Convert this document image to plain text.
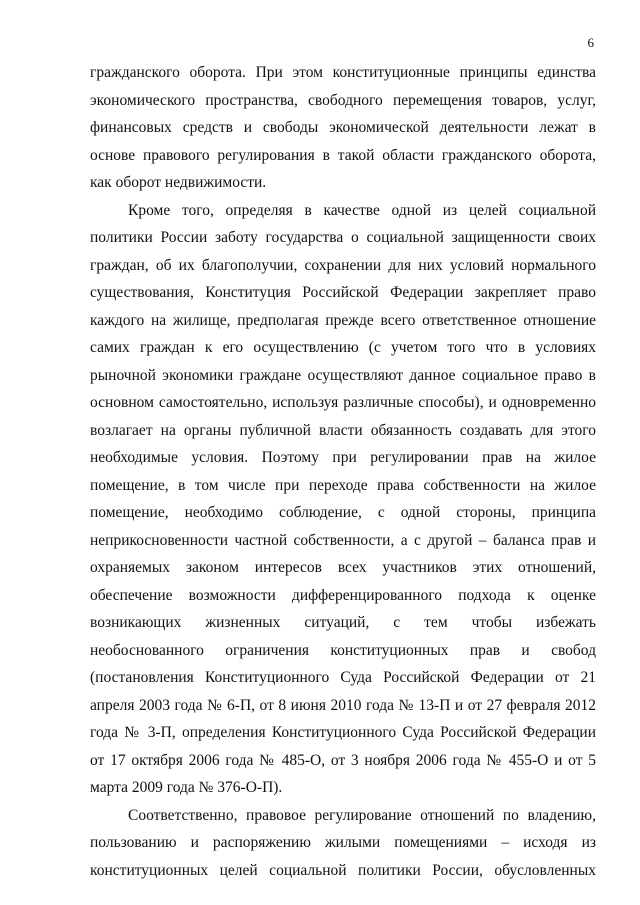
6
гражданского оборота. При этом конституционные принципы единства
экономического пространства, свободного перемещения товаров, услуг,
финансовых средств и свободы экономической деятельности лежат в
основе правового регулирования в такой области гражданского оборота,
как оборот недвижимости.
Кроме того, определяя в качестве одной из целей социальной
политики России заботу государства о социальной защищенности своих
граждан, об их благополучии, сохранении для них условий нормального
существования, Конституция Российской Федерации закрепляет право
каждого на жилище, предполагая прежде всего ответственное отношение
самих граждан к его осуществлению (с учетом того что в условиях
рыночной экономики граждане осуществляют данное социальное право в
основном самостоятельно, используя различные способы), и одновременно
возлагает на органы публичной власти обязанность создавать для этого
необходимые условия. Поэтому при регулировании прав на жилое
помещение, в том числе при переходе права собственности на жилое
помещение, необходимо соблюдение, с одной стороны, принципа
неприкосновенности частной собственности, а с другой – баланса прав и
охраняемых законом интересов всех участников этих отношений,
обеспечение возможности дифференцированного подхода к оценке
возникающих жизненных ситуаций, с тем чтобы избежать
необоснованного ограничения конституционных прав и свобод
(постановления Конституционного Суда Российской Федерации от 21
апреля 2003 года № 6-П, от 8 июня 2010 года № 13-П и от 27 февраля 2012
года № 3-П, определения Конституционного Суда Российской Федерации
от 17 октября 2006 года № 485-О, от 3 ноября 2006 года № 455-О и от 5
марта 2009 года № 376-О-П).
Соответственно, правовое регулирование отношений по владению,
пользованию и распоряжению жилыми помещениями – исходя из
конституционных целей социальной политики России, обусловленных
